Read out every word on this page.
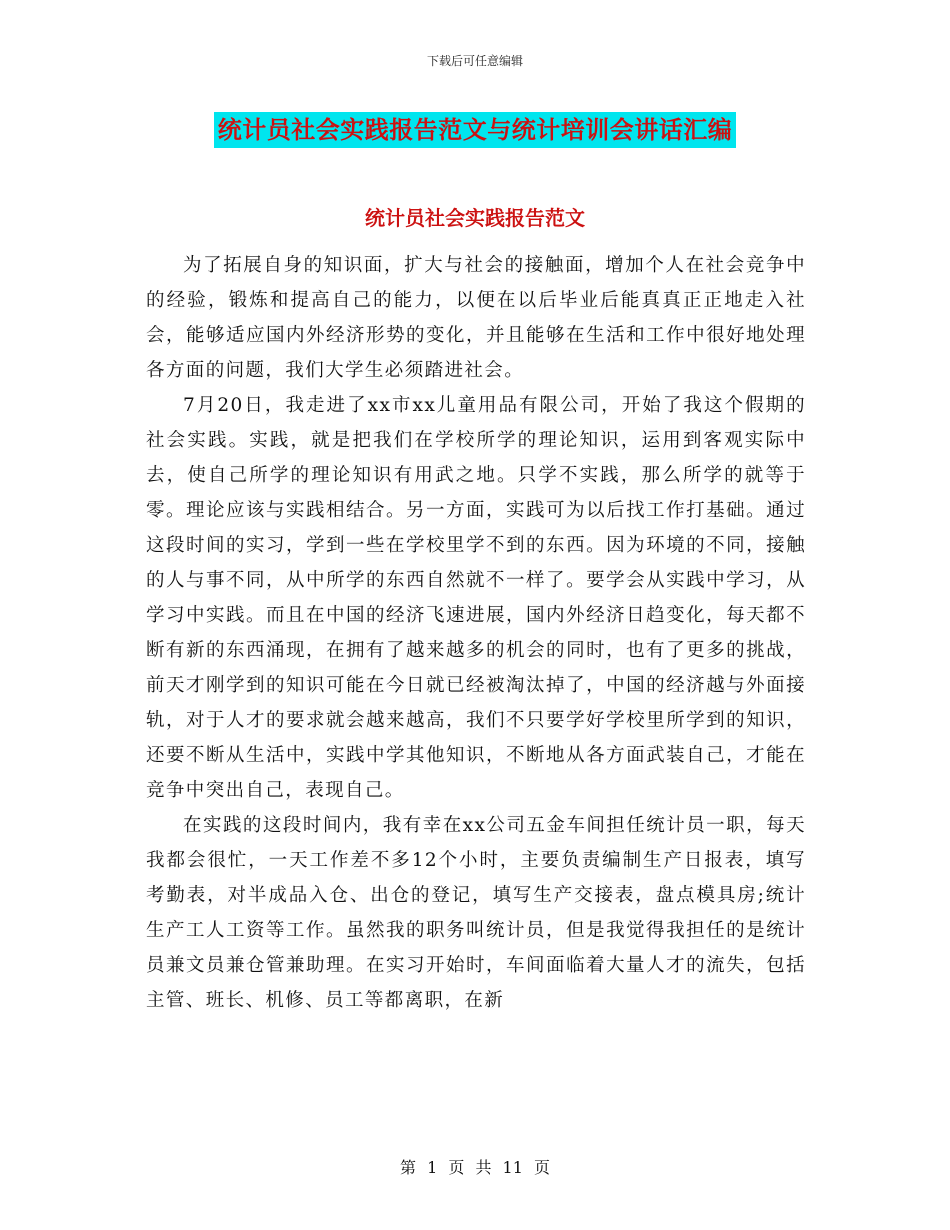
下载后可任意编辑
统计员社会实践报告范文与统计培训会讲话汇编
统计员社会实践报告范文

为了拓展自身的知识面，扩大与社会的接触面，增加个人在社会竞争中的经验，锻炼和提高自己的能力，以便在以后毕业后能真真正正地走入社会，能够适应国内外经济形势的变化，并且能够在生活和工作中很好地处理各方面的问题，我们大学生必须踏进社会。

7月20日，我走进了xx市xx儿童用品有限公司，开始了我这个假期的社会实践。实践，就是把我们在学校所学的理论知识，运用到客观实际中去，使自己所学的理论知识有用武之地。只学不实践，那么所学的就等于零。理论应该与实践相结合。另一方面，实践可为以后找工作打基础。通过这段时间的实习，学到一些在学校里学不到的东西。因为环境的不同，接触的人与事不同，从中所学的东西自然就不一样了。要学会从实践中学习，从学习中实践。而且在中国的经济飞速进展，国内外经济日趋变化，每天都不断有新的东西涌现，在拥有了越来越多的机会的同时，也有了更多的挑战，前天才刚学到的知识可能在今日就已经被淘汰掉了，中国的经济越与外面接轨，对于人才的要求就会越来越高，我们不只要学好学校里所学到的知识，还要不断从生活中，实践中学其他知识，不断地从各方面武装自己，才能在竞争中突出自己，表现自己。

在实践的这段时间内，我有幸在xx公司五金车间担任统计员一职，每天我都会很忙，一天工作差不多12个小时，主要负责编制生产日报表，填写考勤表，对半成品入仓、出仓的登记，填写生产交接表，盘点模具房;统计生产工人工资等工作。虽然我的职务叫统计员，但是我觉得我担任的是统计员兼文员兼仓管兼助理。在实习开始时，车间面临着大量人才的流失，包括主管、班长、机修、员工等都离职，在新

第 1 页 共 11 页
